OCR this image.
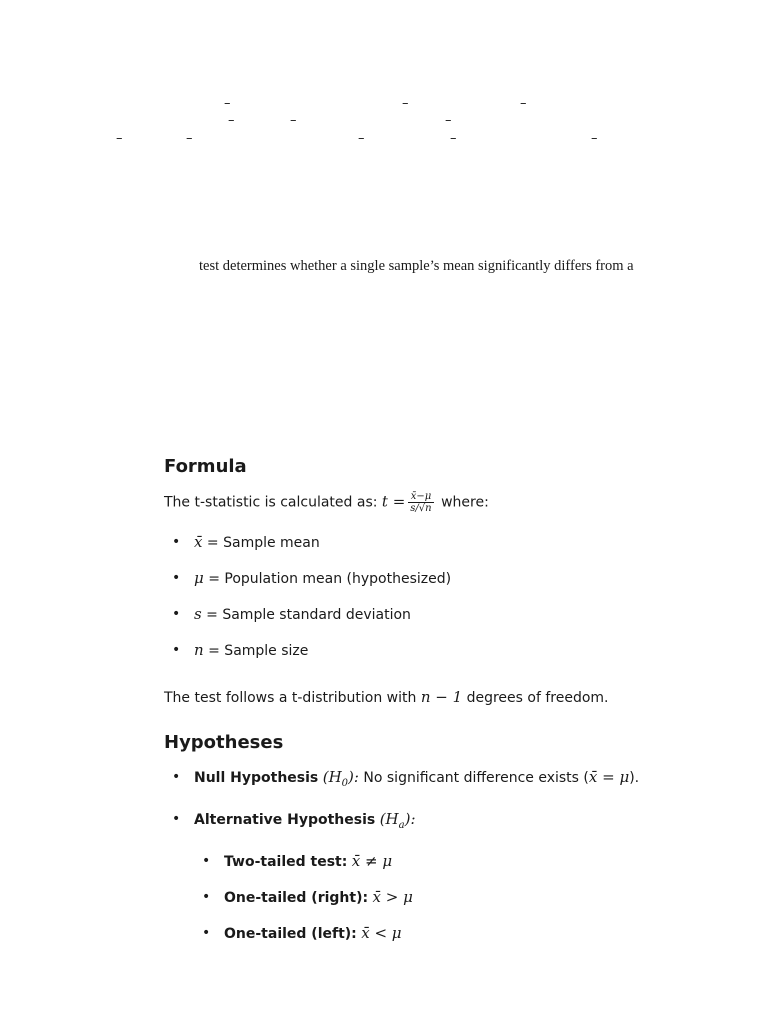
–	–	–
–	–	–
–	–	–	–	–
test determines whether a single sample’s mean significantly differs from a
Formula
The t-statistic is calculated as: $t = \frac{x̄-\mu}{s/√n}$ where:
• x̄ = Sample mean
• μ = Population mean (hypothesized)
• s = Sample standard deviation
• n = Sample size
The test follows a t-distribution with n − 1 degrees of freedom.
Hypotheses
• Null Hypothesis $(H_0)$: No significant difference exists (x̄ = μ).
• Alternative Hypothesis $(H_a)$:
• Two-tailed test: x̄ ≠ μ
• One-tailed (right): x̄ > μ
• One-tailed (left): x̄ < μ
